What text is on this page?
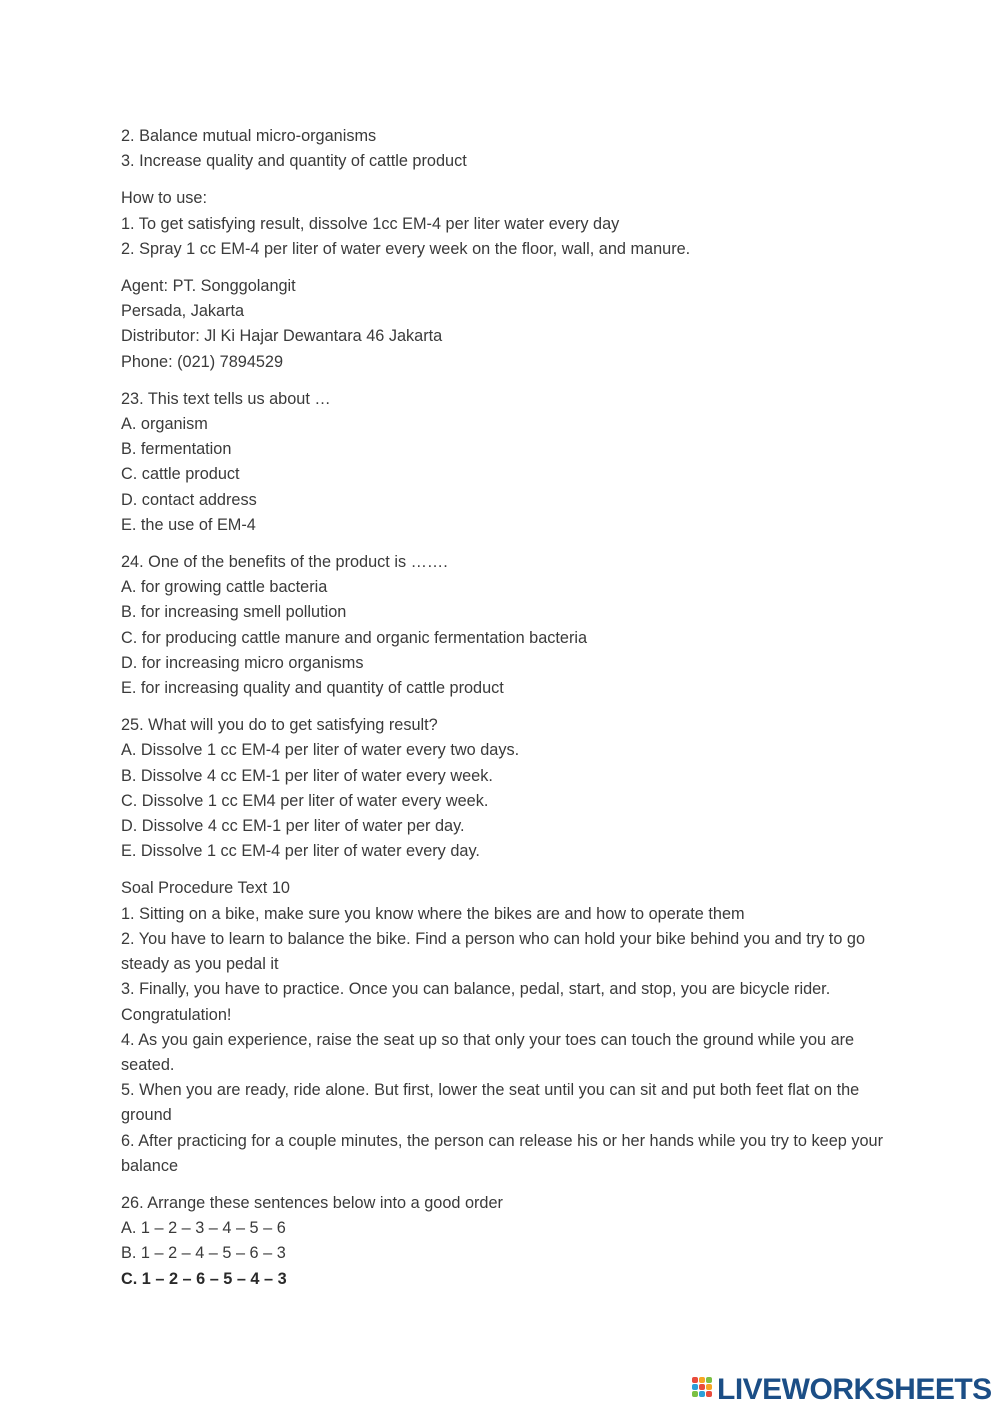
2. Balance mutual micro-organisms
3. Increase quality and quantity of cattle product
How to use:
1. To get satisfying result, dissolve 1cc EM-4 per liter water every day
2. Spray 1 cc EM-4 per liter of water every week on the floor, wall, and manure.
Agent: PT. Songgolangit
Persada, Jakarta
Distributor: Jl Ki Hajar Dewantara 46 Jakarta
Phone: (021) 7894529
23. This text tells us about …
A. organism
B. fermentation
C. cattle product
D. contact address
E. the use of EM-4
24. One of the benefits of the product is …….
A. for growing cattle bacteria
B. for increasing smell pollution
C. for producing cattle manure and organic fermentation bacteria
D. for increasing micro organisms
E. for increasing quality and quantity of cattle product
25. What will you do to get satisfying result?
A. Dissolve 1 cc EM-4 per liter of water every two days.
B. Dissolve 4 cc EM-1 per liter of water every week.
C. Dissolve 1 cc EM4 per liter of water every week.
D. Dissolve 4 cc EM-1 per liter of water per day.
E. Dissolve 1 cc EM-4 per liter of water every day.
Soal Procedure Text 10
1. Sitting on a bike, make sure you know where the bikes are and how to operate them
2. You have to learn to balance the bike. Find a person who can hold your bike behind you and try to go steady as you pedal it
3. Finally, you have to practice. Once you can balance, pedal, start, and stop, you are bicycle rider. Congratulation!
4. As you gain experience, raise the seat up so that only your toes can touch the ground while you are seated.
5. When you are ready, ride alone. But first, lower the seat until you can sit and put both feet flat on the ground
6. After practicing for a couple minutes, the person can release his or her hands while you try to keep your balance
26. Arrange these sentences below into a good order
A. 1 – 2 – 3 – 4 – 5 – 6
B. 1 – 2 – 4 – 5 – 6 – 3
C. 1 – 2 – 6 – 5 – 4 – 3
LIVEWORKSHEETS
